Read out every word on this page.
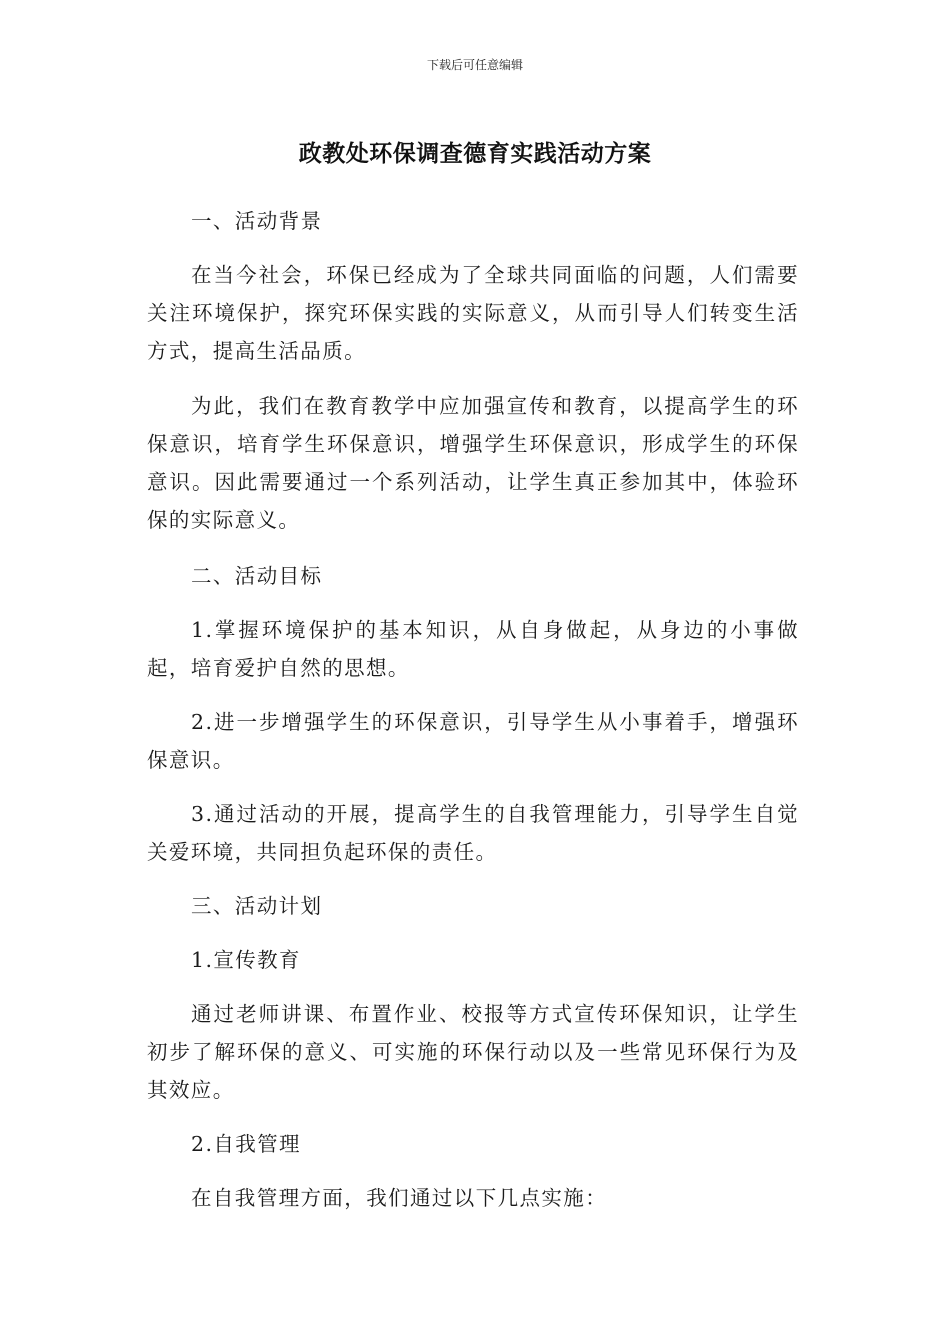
下载后可任意编辑
政教处环保调查德育实践活动方案

一、活动背景

在当今社会，环保已经成为了全球共同面临的问题，人们需要关注环境保护，探究环保实践的实际意义，从而引导人们转变生活方式，提高生活品质。

为此，我们在教育教学中应加强宣传和教育，以提高学生的环保意识，培育学生环保意识，增强学生环保意识，形成学生的环保意识。因此需要通过一个系列活动，让学生真正参加其中，体验环保的实际意义。

二、活动目标

1.掌握环境保护的基本知识，从自身做起，从身边的小事做起，培育爱护自然的思想。

2.进一步增强学生的环保意识，引导学生从小事着手，增强环保意识。

3.通过活动的开展，提高学生的自我管理能力，引导学生自觉关爱环境，共同担负起环保的责任。

三、活动计划

1.宣传教育

通过老师讲课、布置作业、校报等方式宣传环保知识，让学生初步了解环保的意义、可实施的环保行动以及一些常见环保行为及其效应。

2.自我管理

在自我管理方面，我们通过以下几点实施：
